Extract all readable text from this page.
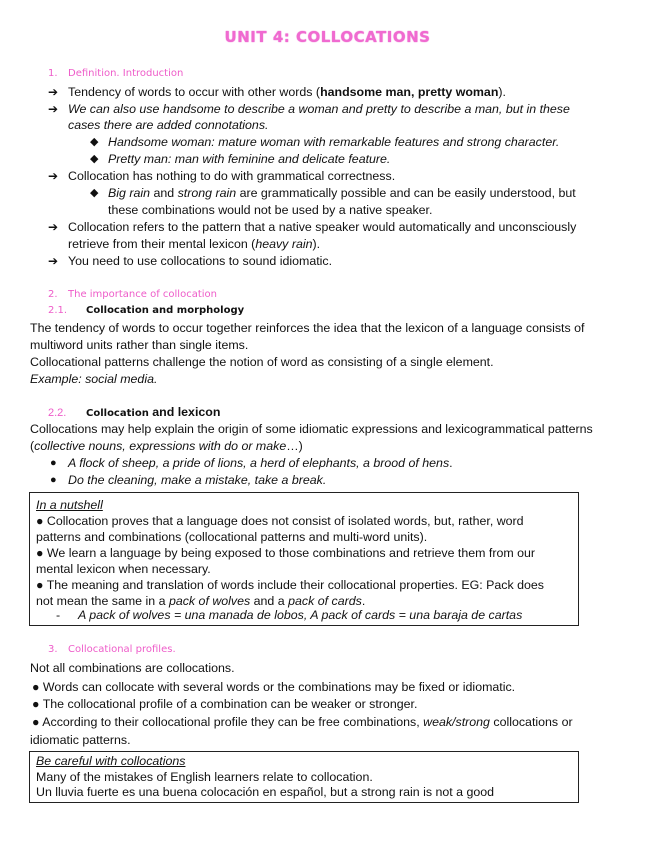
UNIT 4: COLLOCATIONS
1. Definition. Introduction
➔ Tendency of words to occur with other words (handsome man, pretty woman).
➔ We can also use handsome to describe a woman and pretty to describe a man, but in these
cases there are added connotations.
◆ Handsome woman: mature woman with remarkable features and strong character.
◆ Pretty man: man with feminine and delicate feature.
➔ Collocation has nothing to do with grammatical correctness.
◆ Big rain and strong rain are grammatically possible and can be easily understood, but
these combinations would not be used by a native speaker.
➔ Collocation refers to the pattern that a native speaker would automatically and unconsciously
retrieve from their mental lexicon (heavy rain).
➔ You need to use collocations to sound idiomatic.
2. The importance of collocation
2.1. Collocation and morphology
The tendency of words to occur together reinforces the idea that the lexicon of a language consists of
multiword units rather than single items.
Collocational patterns challenge the notion of word as consisting of a single element.
Example: social media.
2.2. Collocation and lexicon
Collocations may help explain the origin of some idiomatic expressions and lexicogrammatical patterns
(collective nouns, expressions with do or make…)
● A flock of sheep, a pride of lions, a herd of elephants, a brood of hens.
● Do the cleaning, make a mistake, take a break.
In a nutshell
● Collocation proves that a language does not consist of isolated words, but, rather, word
patterns and combinations (collocational patterns and multi-word units).
● We learn a language by being exposed to those combinations and retrieve them from our
mental lexicon when necessary.
● The meaning and translation of words include their collocational properties. EG: Pack does
not mean the same in a pack of wolves and a pack of cards.
- A pack of wolves = una manada de lobos, A pack of cards = una baraja de cartas
3. Collocational profiles.
Not all combinations are collocations.
● Words can collocate with several words or the combinations may be fixed or idiomatic.
● The collocational profile of a combination can be weaker or stronger.
● According to their collocational profile they can be free combinations, weak/strong collocations or
idiomatic patterns.
Be careful with collocations
Many of the mistakes of English learners relate to collocation.
Un lluvia fuerte es una buena colocación en español, but a strong rain is not a good
